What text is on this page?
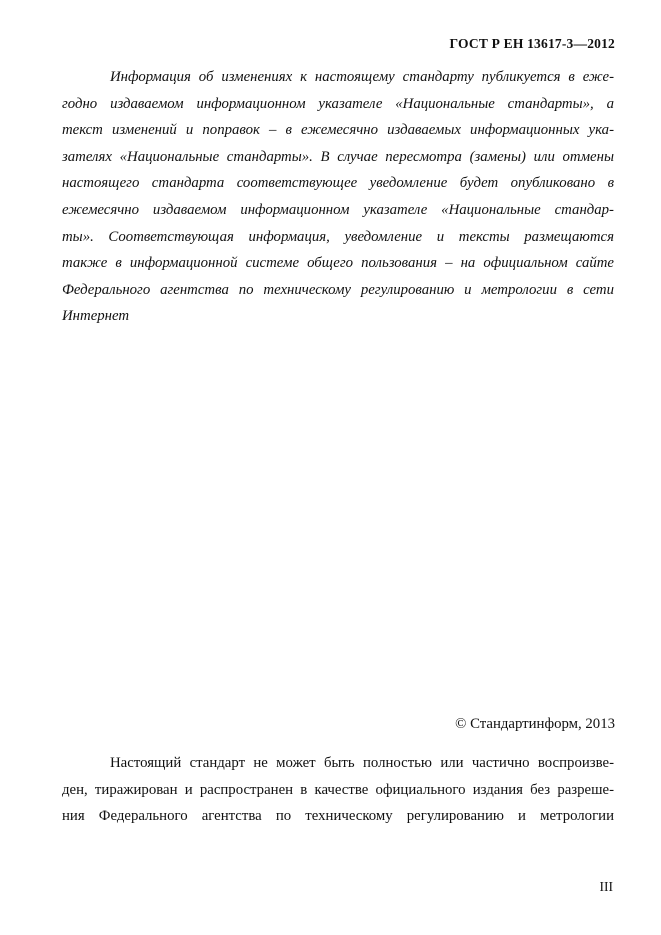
ГОСТ Р ЕН 13617-3—2012
Информация об изменениях к настоящему стандарту публикуется в еже-
годно издаваемом информационном указателе «Национальные стандарты», а
текст изменений и поправок – в ежемесячно издаваемых информационных ука-
зателях «Национальные стандарты». В случае пересмотра (замены) или отмены
настоящего стандарта соответствующее уведомление будет опубликовано в
ежемесячно издаваемом информационном указателе «Национальные стандар-
ты». Соответствующая информация, уведомление и тексты размещаются
также в информационной системе общего пользования – на официальном сайте
Федерального агентства по техническому регулированию и метрологии в сети
Интернет
© Стандартинформ, 2013
Настоящий стандарт не может быть полностью или частично воспроизве-
ден, тиражирован и распространен в качестве официального издания без разреше-
ния Федерального агентства по техническому регулированию и метрологии
III
